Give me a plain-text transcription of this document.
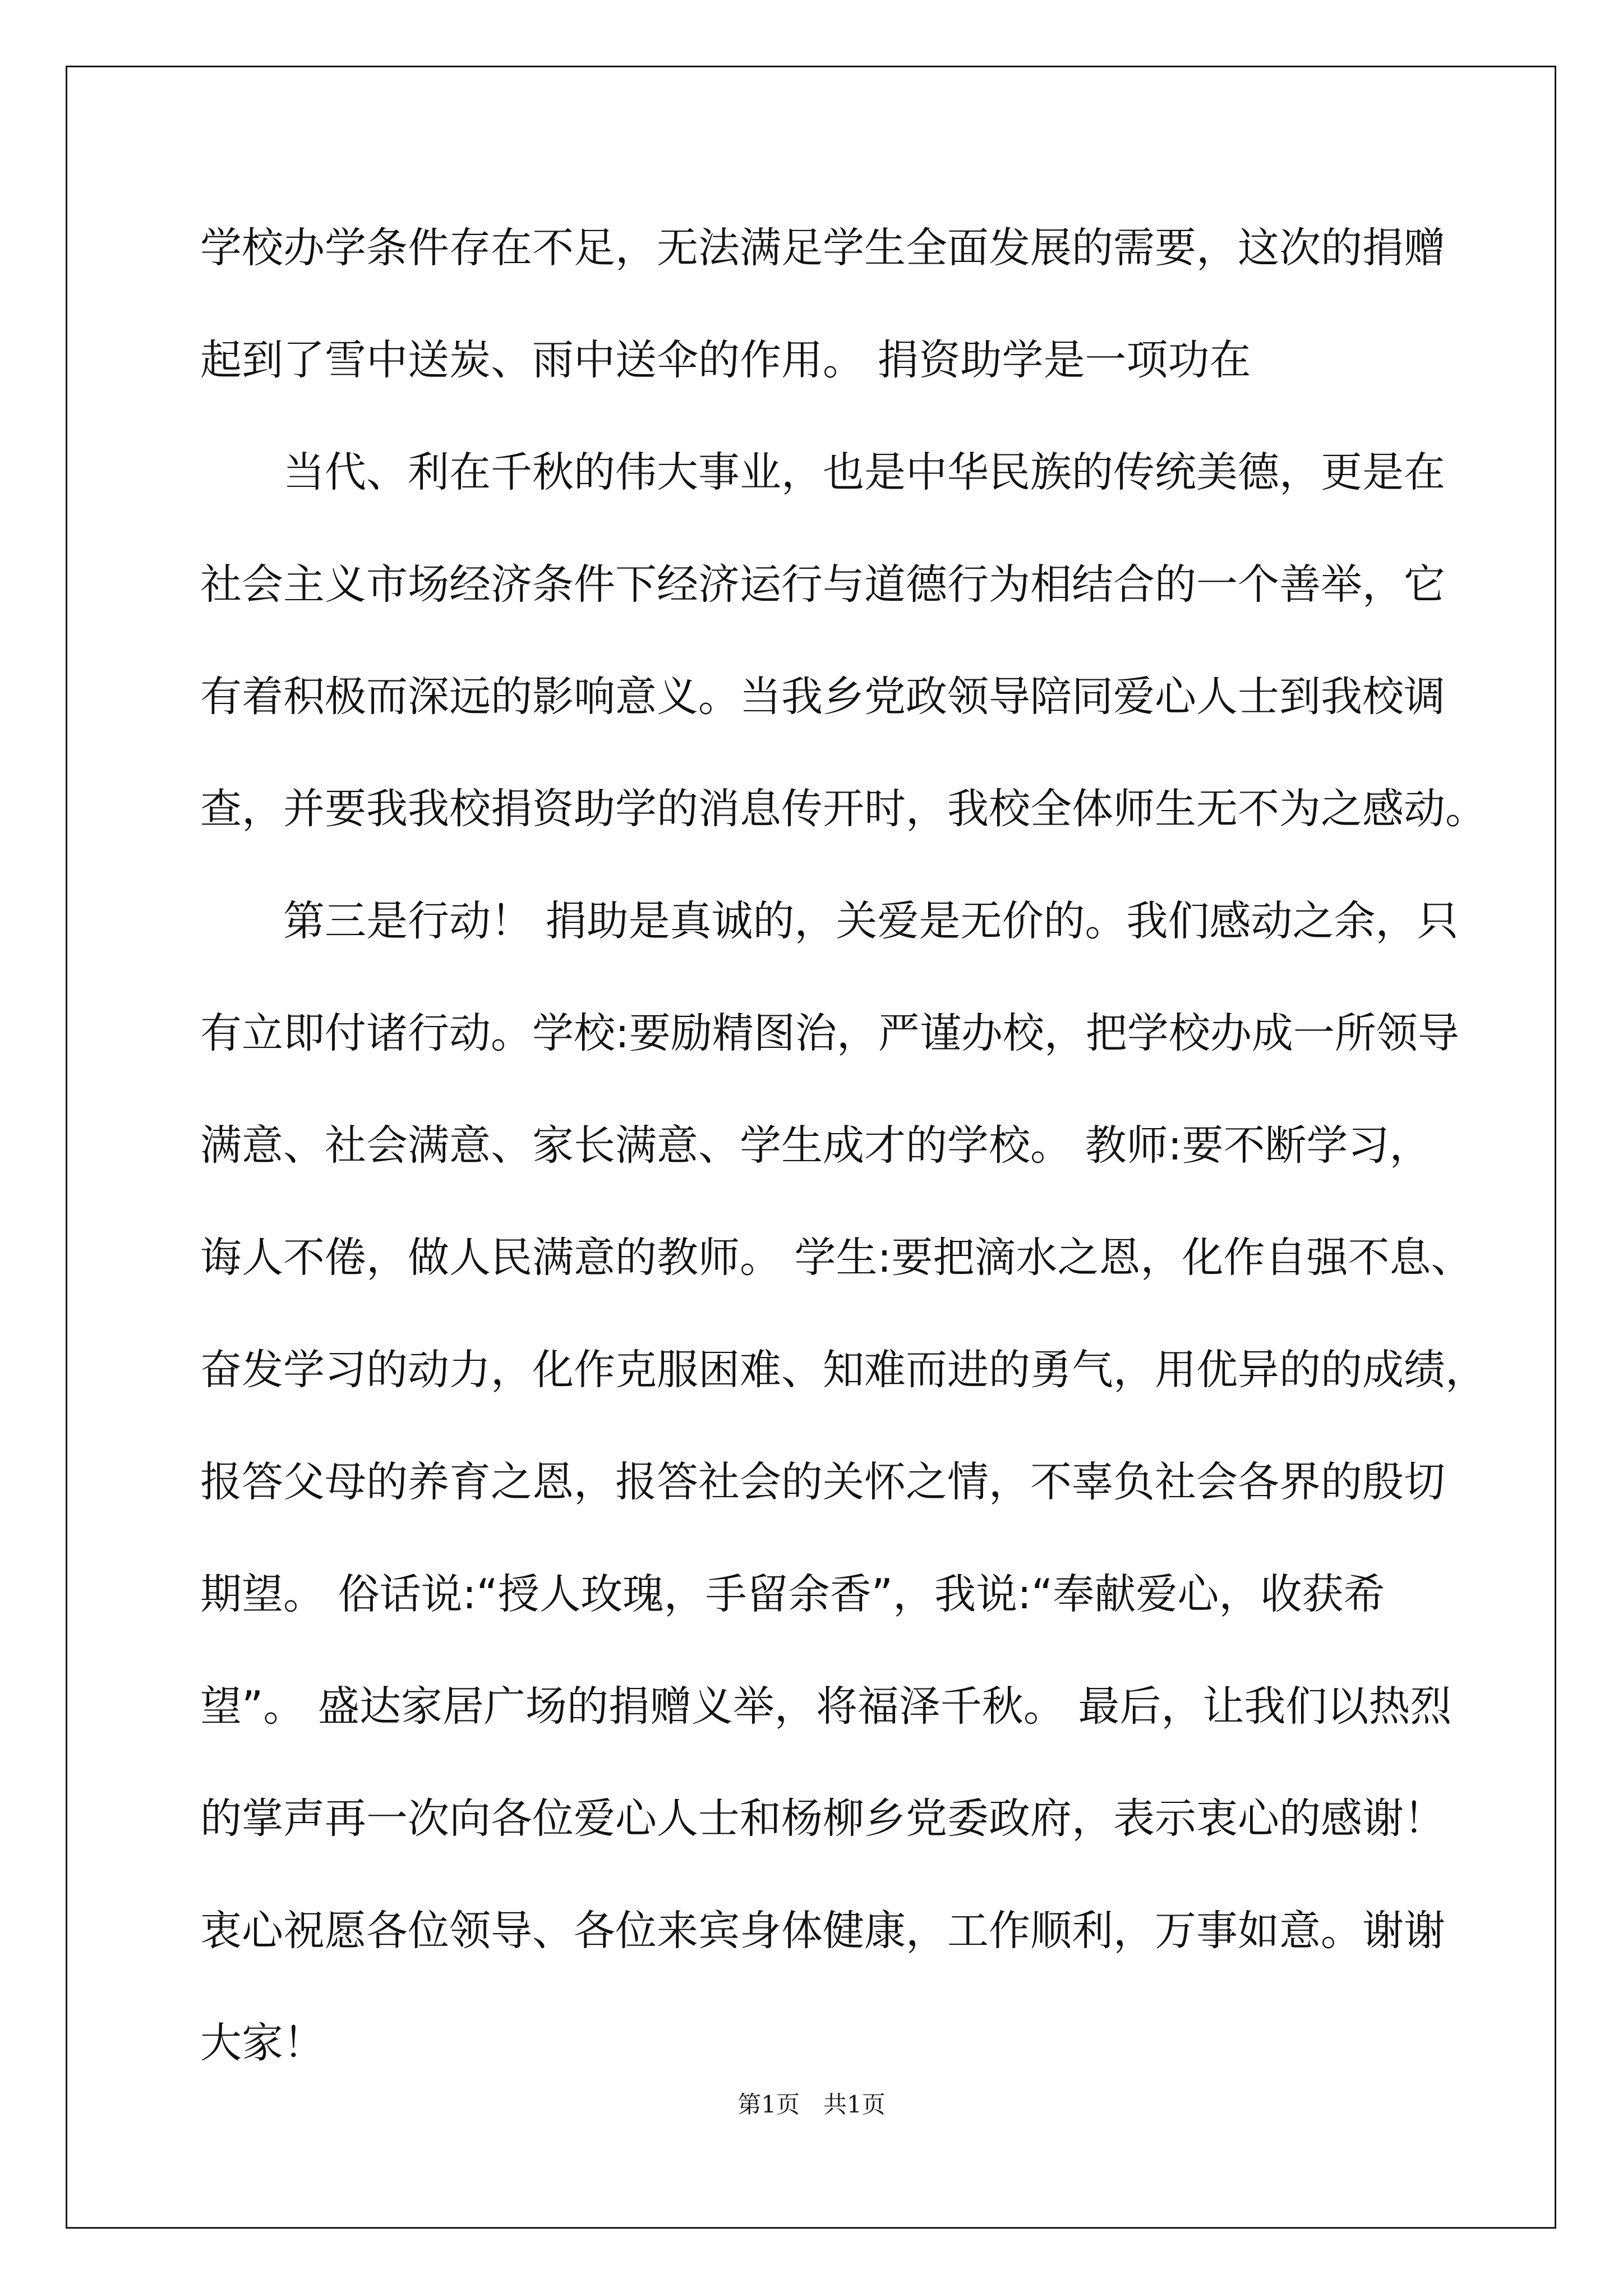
学校办学条件存在不足，无法满足学生全面发展的需要，这次的捐赠
起到了雪中送炭、雨中送伞的作用。 捐资助学是一项功在
　　当代、利在千秋的伟大事业，也是中华民族的传统美德，更是在
社会主义市场经济条件下经济运行与道德行为相结合的一个善举，它
有着积极而深远的影响意义。当我乡党政领导陪同爱心人士到我校调
查，并要我我校捐资助学的消息传开时，我校全体师生无不为之感动。
　　第三是行动！ 捐助是真诚的，关爱是无价的。我们感动之余，只
有立即付诸行动。学校:要励精图治，严谨办校，把学校办成一所领导
满意、社会满意、家长满意、学生成才的学校。 教师:要不断学习，
诲人不倦，做人民满意的教师。 学生:要把滴水之恩，化作自强不息、
奋发学习的动力，化作克服困难、知难而进的勇气，用优异的的成绩，
报答父母的养育之恩，报答社会的关怀之情，不辜负社会各界的殷切
期望。 俗话说:“授人玫瑰，手留余香”，我说:“奉献爱心，收获希
望”。 盛达家居广场的捐赠义举，将福泽千秋。 最后，让我们以热烈
的掌声再一次向各位爱心人士和杨柳乡党委政府，表示衷心的感谢！
衷心祝愿各位领导、各位来宾身体健康，工作顺利，万事如意。谢谢
大家！
第1页　共1页
